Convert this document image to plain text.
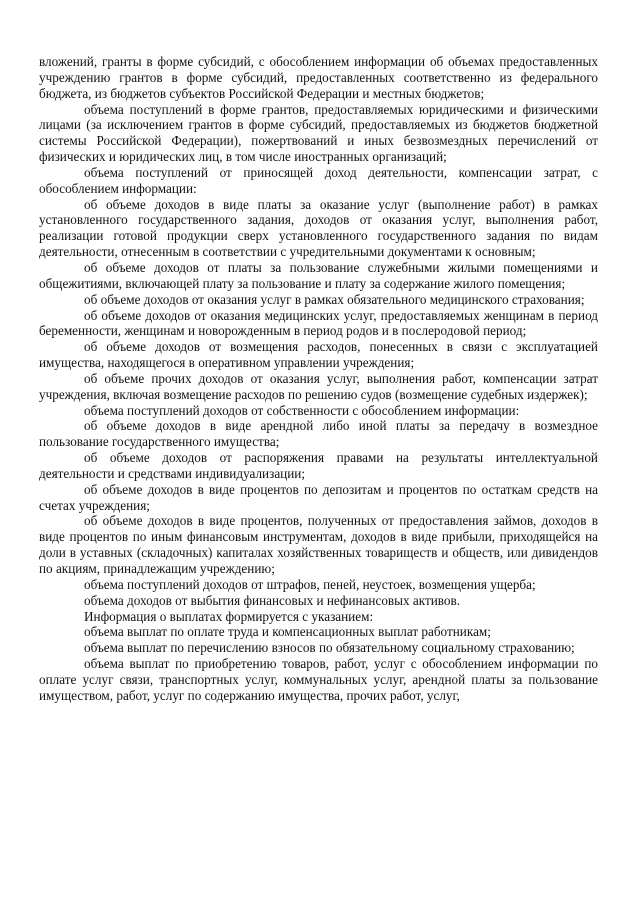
вложений, гранты в форме субсидий, с обособлением информации об объемах предоставленных учреждению грантов в форме субсидий, предоставленных соответственно из федерального бюджета, из бюджетов субъектов Российской Федерации и местных бюджетов;

объема поступлений в форме грантов, предоставляемых юридическими и физическими лицами (за исключением грантов в форме субсидий, предоставляемых из бюджетов бюджетной системы Российской Федерации), пожертвований и иных безвозмездных перечислений от физических и юридических лиц, в том числе иностранных организаций;

объема поступлений от приносящей доход деятельности, компенсации затрат, с обособлением информации:

об объеме доходов в виде платы за оказание услуг (выполнение работ) в рамках установленного государственного задания, доходов от оказания услуг, выполнения работ, реализации готовой продукции сверх установленного государственного задания по видам деятельности, отнесенным в соответствии с учредительными документами к основным;

об объеме доходов от платы за пользование служебными жилыми помещениями и общежитиями, включающей плату за пользование и плату за содержание жилого помещения;

об объеме доходов от оказания услуг в рамках обязательного медицинского страхования;

об объеме доходов от оказания медицинских услуг, предоставляемых женщинам в период беременности, женщинам и новорожденным в период родов и в послеродовой период;

об объеме доходов от возмещения расходов, понесенных в связи с эксплуатацией имущества, находящегося в оперативном управлении учреждения;

об объеме прочих доходов от оказания услуг, выполнения работ, компенсации затрат учреждения, включая возмещение расходов по решению судов (возмещение судебных издержек);

объема поступлений доходов от собственности с обособлением информации:

об объеме доходов в виде арендной либо иной платы за передачу в возмездное пользование государственного имущества;

об объеме доходов от распоряжения правами на результаты интеллектуальной деятельности и средствами индивидуализации;

об объеме доходов в виде процентов по депозитам и процентов по остаткам средств на счетах учреждения;

об объеме доходов в виде процентов, полученных от предоставления займов, доходов в виде процентов по иным финансовым инструментам, доходов в виде прибыли, приходящейся на доли в уставных (складочных) капиталах хозяйственных товариществ и обществ, или дивидендов по акциям, принадлежащим учреждению;

объема поступлений доходов от штрафов, пеней, неустоек, возмещения ущерба;

объема доходов от выбытия финансовых и нефинансовых активов.

Информация о выплатах формируется с указанием:

объема выплат по оплате труда и компенсационных выплат работникам;

объема выплат по перечислению взносов по обязательному социальному страхованию;

объема выплат по приобретению товаров, работ, услуг с обособлением информации по оплате услуг связи, транспортных услуг, коммунальных услуг, арендной платы за пользование имуществом, работ, услуг по содержанию имущества, прочих работ, услуг,
